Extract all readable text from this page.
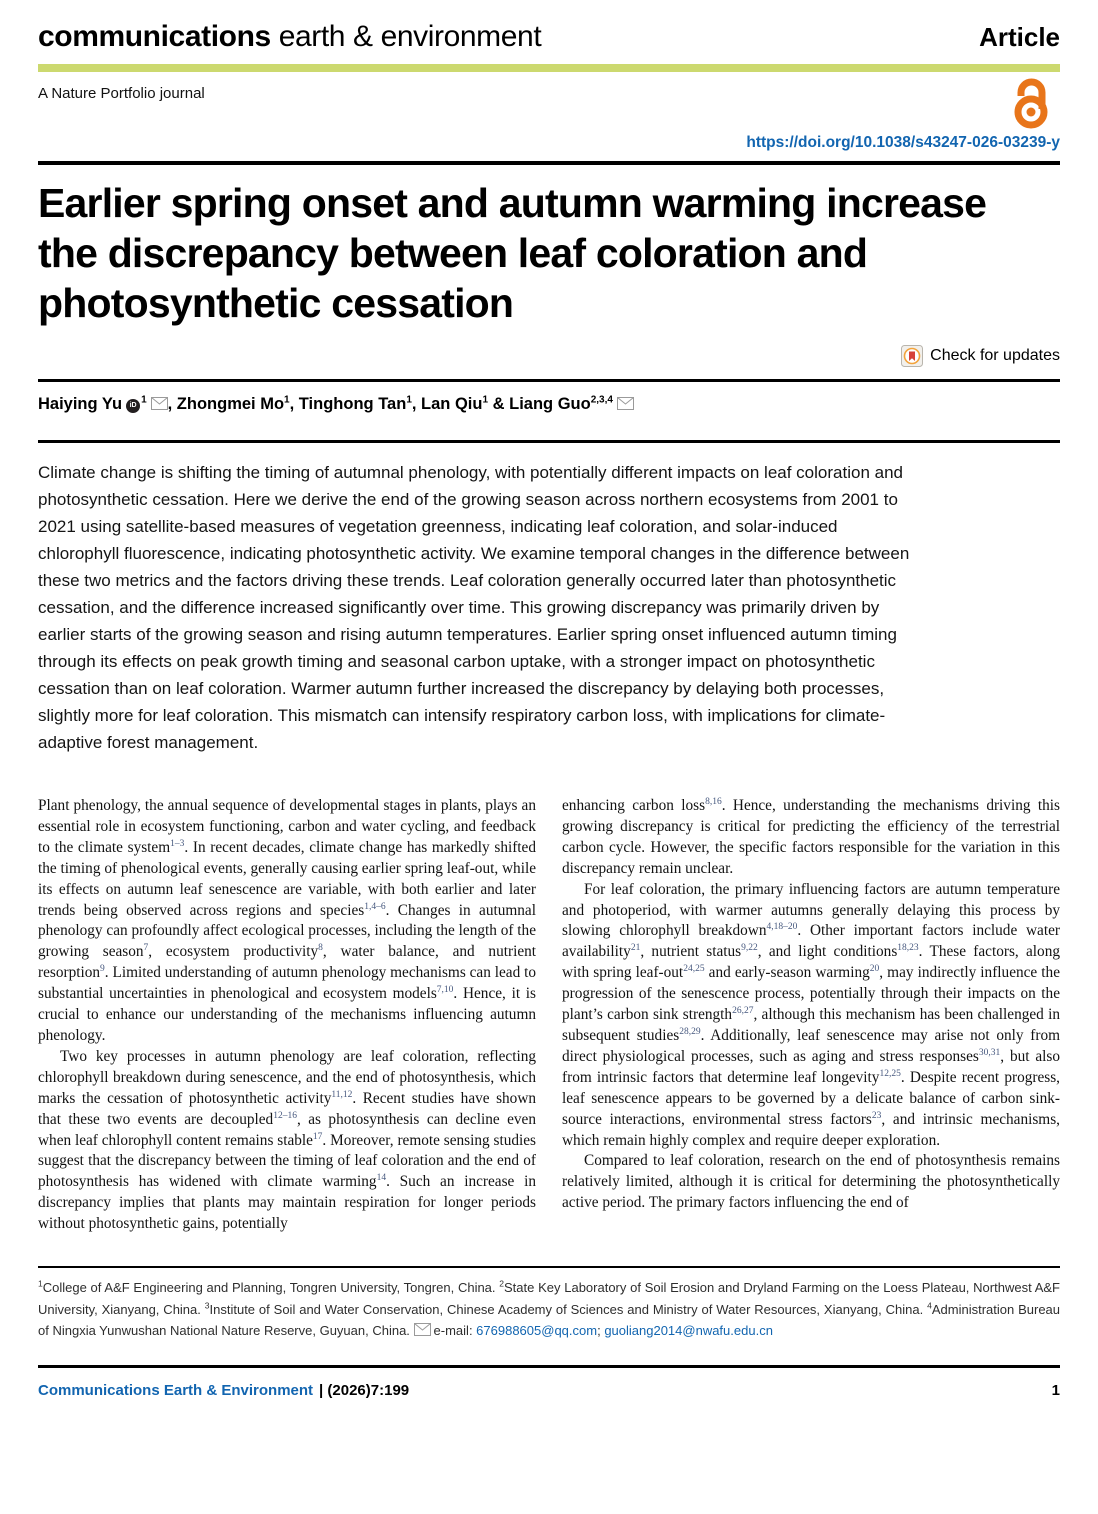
communications earth & environment	Article
A Nature Portfolio journal
https://doi.org/10.1038/s43247-026-03239-y
Earlier spring onset and autumn warming increase the discrepancy between leaf coloration and photosynthetic cessation
Check for updates
Haiying Yu iD $^1$ , Zhongmei Mo$^1$, Tinghong Tan$^1$, Lan Qiu$^1$ & Liang Guo$^{2,3,4}$

Climate change is shifting the timing of autumnal phenology, with potentially different impacts on leaf coloration and photosynthetic cessation. Here we derive the end of the growing season across northern ecosystems from 2001 to 2021 using satellite-based measures of vegetation greenness, indicating leaf coloration, and solar-induced chlorophyll fluorescence, indicating photosynthetic activity. We examine temporal changes in the difference between these two metrics and the factors driving these trends. Leaf coloration generally occurred later than photosynthetic cessation, and the difference increased significantly over time. This growing discrepancy was primarily driven by earlier starts of the growing season and rising autumn temperatures. Earlier spring onset influenced autumn timing through its effects on peak growth timing and seasonal carbon uptake, with a stronger impact on photosynthetic cessation than on leaf coloration. Warmer autumn further increased the discrepancy by delaying both processes, slightly more for leaf coloration. This mismatch can intensify respiratory carbon loss, with implications for climate-adaptive forest management.

Plant phenology, the annual sequence of developmental stages in plants, plays an essential role in ecosystem functioning, carbon and water cycling, and feedback to the climate system$^{1-3}$. In recent decades, climate change has markedly shifted the timing of phenological events, generally causing earlier spring leaf-out, while its effects on autumn leaf senescence are variable, with both earlier and later trends being observed across regions and species$^{1,4-6}$. Changes in autumnal phenology can profoundly affect ecological processes, including the length of the growing season$^7$, ecosystem productivity$^8$, water balance, and nutrient resorption$^9$. Limited understanding of autumn phenology mechanisms can lead to substantial uncertainties in phenological and ecosystem models$^{7,10}$. Hence, it is crucial to enhance our understanding of the mechanisms influencing autumn phenology.

Two key processes in autumn phenology are leaf coloration, reflecting chlorophyll breakdown during senescence, and the end of photosynthesis, which marks the cessation of photosynthetic activity$^{11,12}$. Recent studies have shown that these two events are decoupled$^{12-16}$, as photosynthesis can decline even when leaf chlorophyll content remains stable$^{17}$. Moreover, remote sensing studies suggest that the discrepancy between the timing of leaf coloration and the end of photosynthesis has widened with climate warming$^{14}$. Such an increase in discrepancy implies that plants may maintain respiration for longer periods without photosynthetic gains, potentially

enhancing carbon loss$^{8,16}$. Hence, understanding the mechanisms driving this growing discrepancy is critical for predicting the efficiency of the terrestrial carbon cycle. However, the specific factors responsible for the variation in this discrepancy remain unclear.

For leaf coloration, the primary influencing factors are autumn temperature and photoperiod, with warmer autumns generally delaying this process by slowing chlorophyll breakdown$^{4,18-20}$. Other important factors include water availability$^{21}$, nutrient status$^{9,22}$, and light conditions$^{18,23}$. These factors, along with spring leaf-out$^{24,25}$ and early-season warming$^{20}$, may indirectly influence the progression of the senescence process, potentially through their impacts on the plant’s carbon sink strength$^{26,27}$, although this mechanism has been challenged in subsequent studies$^{28,29}$. Additionally, leaf senescence may arise not only from direct physiological processes, such as aging and stress responses$^{30,31}$, but also from intrinsic factors that determine leaf longevity$^{12,25}$. Despite recent progress, leaf senescence appears to be governed by a delicate balance of carbon sink-source interactions, environmental stress factors$^{23}$, and intrinsic mechanisms, which remain highly complex and require deeper exploration.

Compared to leaf coloration, research on the end of photosynthesis remains relatively limited, although it is critical for determining the photosynthetically active period. The primary factors influencing the end of

$^1$College of A&F Engineering and Planning, Tongren University, Tongren, China. $^2$State Key Laboratory of Soil Erosion and Dryland Farming on the Loess Plateau, Northwest A&F University, Xianyang, China. $^3$Institute of Soil and Water Conservation, Chinese Academy of Sciences and Ministry of Water Resources, Xianyang, China. $^4$Administration Bureau of Ningxia Yunwushan National Nature Reserve, Guyuan, China. e-mail: 676988605@qq.com; guoliang2014@nwafu.edu.cn
Communications Earth & Environment | (2026)7:199	1
